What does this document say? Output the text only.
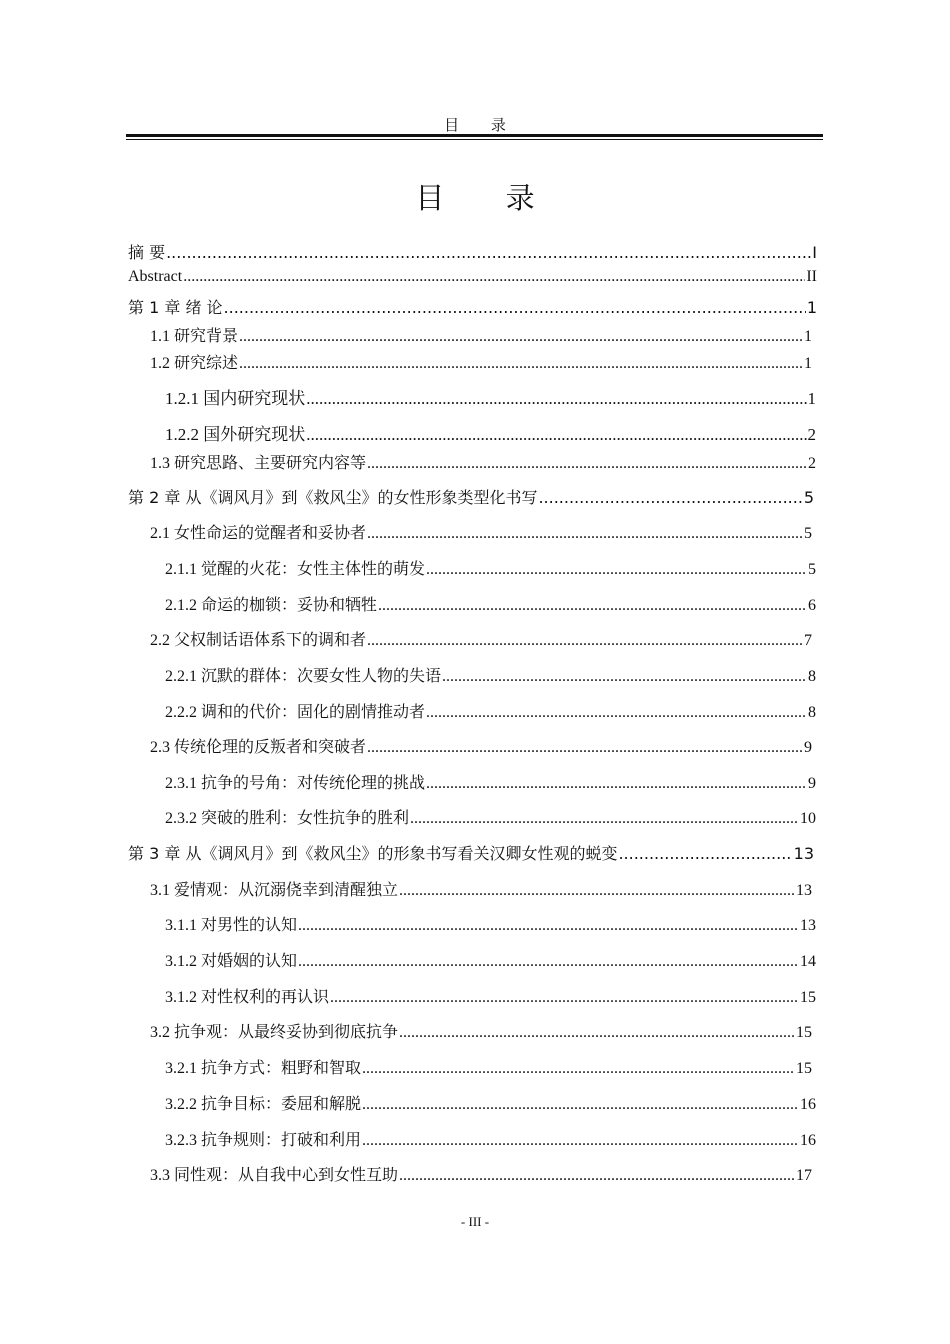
目 录
目 录
摘 要 .....	I
Abstract .....	II
第 1 章 绪 论 .....	1
1.1 研究背景 .....	1
1.2 研究综述 .....	1
1.2.1 国内研究现状 .....	1
1.2.2 国外研究现状 .....	2
1.3 研究思路、主要研究内容等 .....	2
第 2 章 从《调风月》到《救风尘》的女性形象类型化书写 .....	5
2.1 女性命运的觉醒者和妥协者 .....	5
2.1.1 觉醒的火花：女性主体性的萌发 .....	5
2.1.2 命运的枷锁：妥协和牺牲 .....	6
2.2 父权制话语体系下的调和者 .....	7
2.2.1 沉默的群体：次要女性人物的失语 .....	8
2.2.2 调和的代价：固化的剧情推动者 .....	8
2.3 传统伦理的反叛者和突破者 .....	9
2.3.1 抗争的号角：对传统伦理的挑战 .....	9
2.3.2 突破的胜利：女性抗争的胜利 .....	10
第 3 章 从《调风月》到《救风尘》的形象书写看关汉卿女性观的蜕变 .....	13
3.1 爱情观：从沉溺侥幸到清醒独立 .....	13
3.1.1 对男性的认知 .....	13
3.1.2 对婚姻的认知 .....	14
3.1.2 对性权利的再认识 .....	15
3.2 抗争观：从最终妥协到彻底抗争 .....	15
3.2.1 抗争方式：粗野和智取 .....	15
3.2.2 抗争目标：委屈和解脱 .....	16
3.2.3 抗争规则：打破和利用 .....	16
3.3 同性观：从自我中心到女性互助 .....	17
- III -
